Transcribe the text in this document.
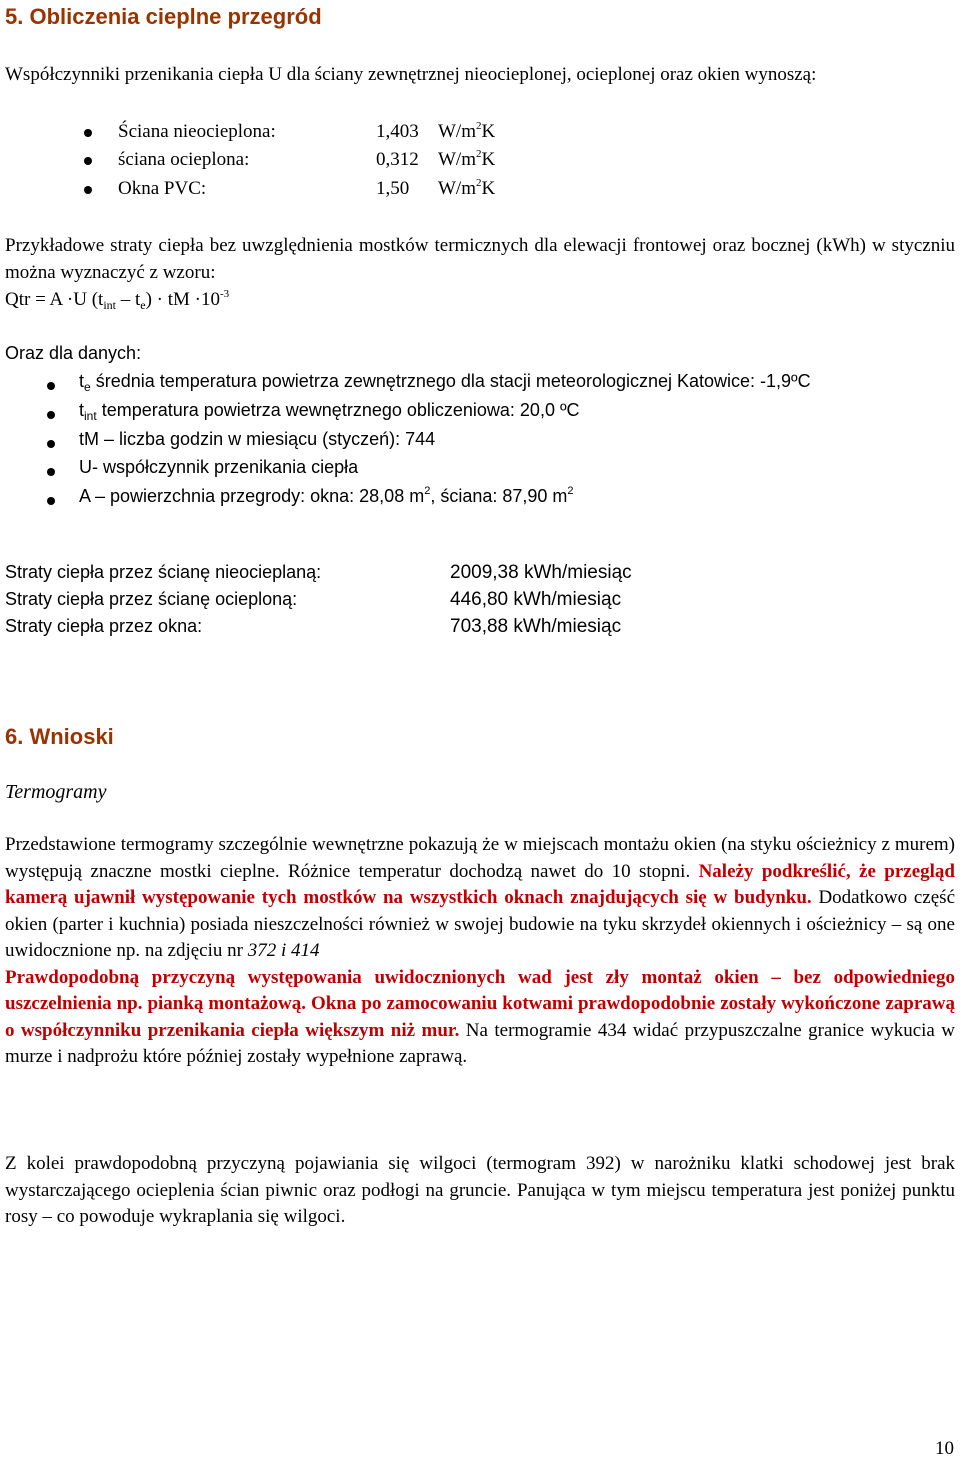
5. Obliczenia cieplne przegród

Współczynniki przenikania ciepła U dla ściany zewnętrznej nieocieplonej, ocieplonej oraz okien wynoszą:

Ściana nieocieplona:	1,403 $W/m^2K$
ściana ocieplona:	0,312 $W/m^2K$
Okna PVC:	1,50 $W/m^2K$

Przykładowe straty ciepła bez uwzględnienia mostków termicznych dla elewacji frontowej oraz bocznej (kWh) w styczniu można wyznaczyć z wzoru:

Qtr = A ·U $(t_{int} - t_e)$ · tM $\cdot 10^{-3}$

Oraz dla danych:

$t_e$ średnia temperatura powietrza zewnętrznego dla stacji meteorologicznej Katowice: -1,9ºC
$t_{int}$ temperatura powietrza wewnętrznego obliczeniowa: 20,0 ºC
tM – liczba godzin w miesiącu (styczeń): 744
U- współczynnik przenikania ciepła
A – powierzchnia przegrody: okna: 28,08 $m^2$, ściana: 87,90 $m^2$
Straty ciepła przez ścianę nieocieplaną:	2009,38 kWh/miesiąc
Straty ciepła przez ścianę ocieploną:	446,80 kWh/miesiąc
Straty ciepła przez okna:	703,88 kWh/miesiąc
6. Wnioski

Termogramy

Przedstawione termogramy szczególnie wewnętrzne pokazują że w miejscach montażu okien (na styku ościeżnicy z murem) występują znaczne mostki cieplne. Różnice temperatur dochodzą nawet do 10 stopni. Należy podkreślić, że przegląd kamerą ujawnił występowanie tych mostków na wszystkich oknach znajdujących się w budynku. Dodatkowo część okien (parter i kuchnia) posiada nieszczelności również w swojej budowie na tyku skrzydeł okiennych i ościeżnicy – są one uwidocznione np. na zdjęciu nr 372 i 414
Prawdopodobną przyczyną występowania uwidocznionych wad jest zły montaż okien – bez odpowiedniego uszczelnienia np. pianką montażową. Okna po zamocowaniu kotwami prawdopodobnie zostały wykończone zaprawą o współczynniku przenikania ciepła większym niż mur. Na termogramie 434 widać przypuszczalne granice wykucia w murze i nadprożu które później zostały wypełnione zaprawą.

Z kolei prawdopodobną przyczyną pojawiania się wilgoci (termogram 392) w narożniku klatki schodowej jest brak wystarczającego ocieplenia ścian piwnic oraz podłogi na gruncie. Panująca w tym miejscu temperatura jest poniżej punktu rosy – co powoduje wykraplania się wilgoci.

10
